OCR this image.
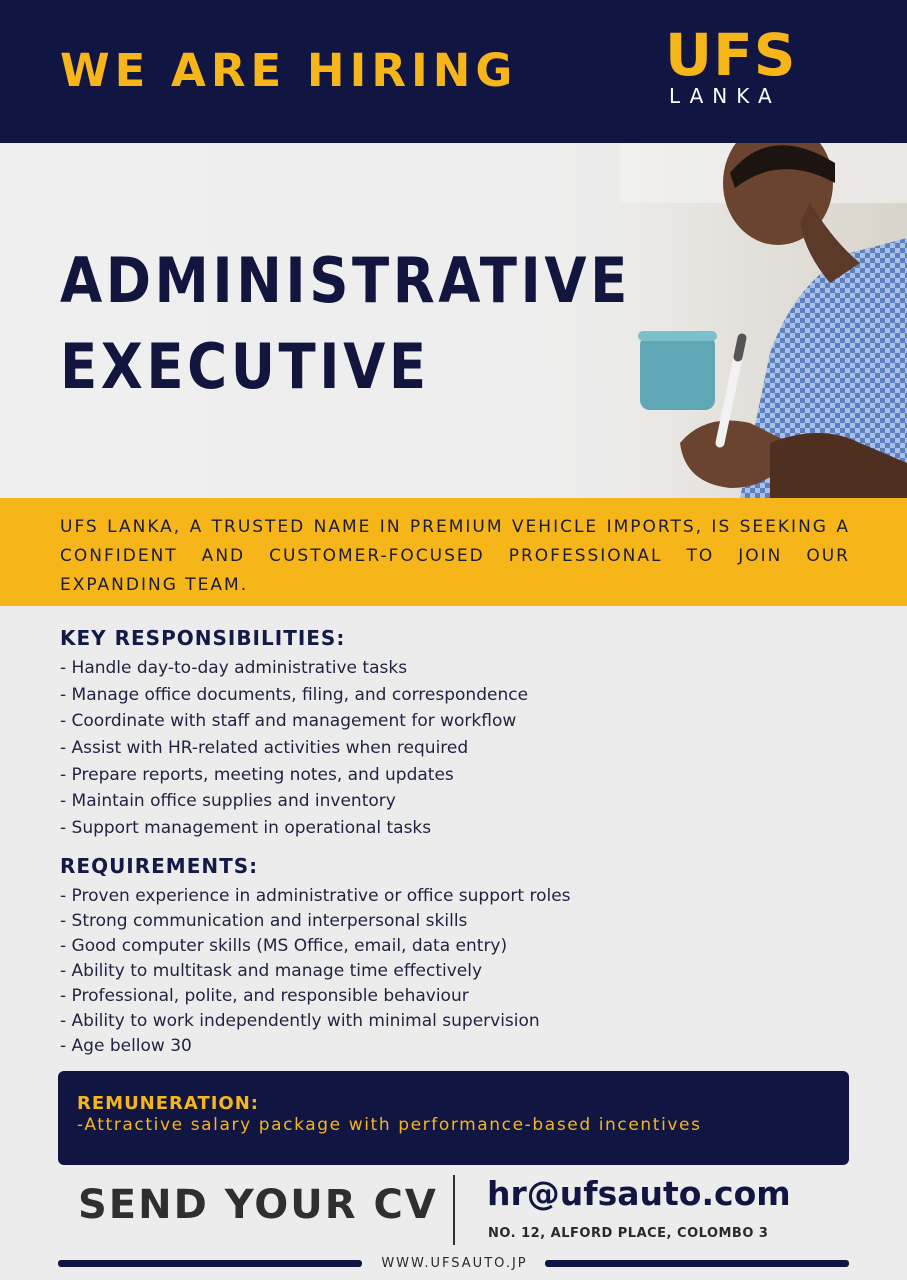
WE ARE HIRING	UFS
LANKA
ADMINISTRATIVE
EXECUTIVE
UFS LANKA, A TRUSTED NAME IN PREMIUM VEHICLE IMPORTS, IS SEEKING A CONFIDENT AND CUSTOMER-FOCUSED PROFESSIONAL TO JOIN OUR EXPANDING TEAM.
KEY RESPONSIBILITIES:
- Handle day-to-day administrative tasks
- Manage office documents, filing, and correspondence
- Coordinate with staff and management for workflow
- Assist with HR-related activities when required
- Prepare reports, meeting notes, and updates
- Maintain office supplies and inventory
- Support management in operational tasks
REQUIREMENTS:
- Proven experience in administrative or office support roles
- Strong communication and interpersonal skills
- Good computer skills (MS Office, email, data entry)
- Ability to multitask and manage time effectively
- Professional, polite, and responsible behaviour
- Ability to work independently with minimal supervision
- Age bellow 30
REMUNERATION:
-Attractive salary package with performance-based incentives
SEND YOUR CV hr@ufsauto.com
NO. 12, ALFORD PLACE, COLOMBO 3
WWW.UFSAUTO.JP
